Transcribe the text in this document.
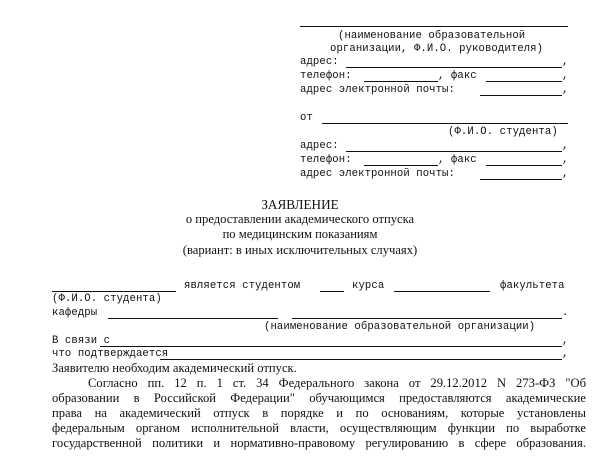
(наименование образовательной
организации, Ф.И.О. руководителя)
адрес:	,
телефон:	, факс	,
адрес электронной почты:	,
от
(Ф.И.О. студента)
адрес:	,
телефон:	, факс	,
адрес электронной почты:	,
ЗАЯВЛЕНИЕ
о предоставлении академического отпуска
по медицинским показаниям
(вариант: в иных исключительных случаях)
является студентом	курса	факультета
(Ф.И.О. студента)
кафедры	.
(наименование образовательной организации)
В связи с	,
что подтверждается	,
Заявителю необходим академический отпуск.
Согласно пп. 12 п. 1 ст. 34 Федерального закона от 29.12.2012 N 273-ФЗ "Об
образовании в Российской Федерации" обучающимся предоставляются академические
права на академический отпуск в порядке и по основаниям, которые установлены
федеральным органом исполнительной власти, осуществляющим функции по выработке
государственной политики и нормативно-правовому регулированию в сфере образования.
